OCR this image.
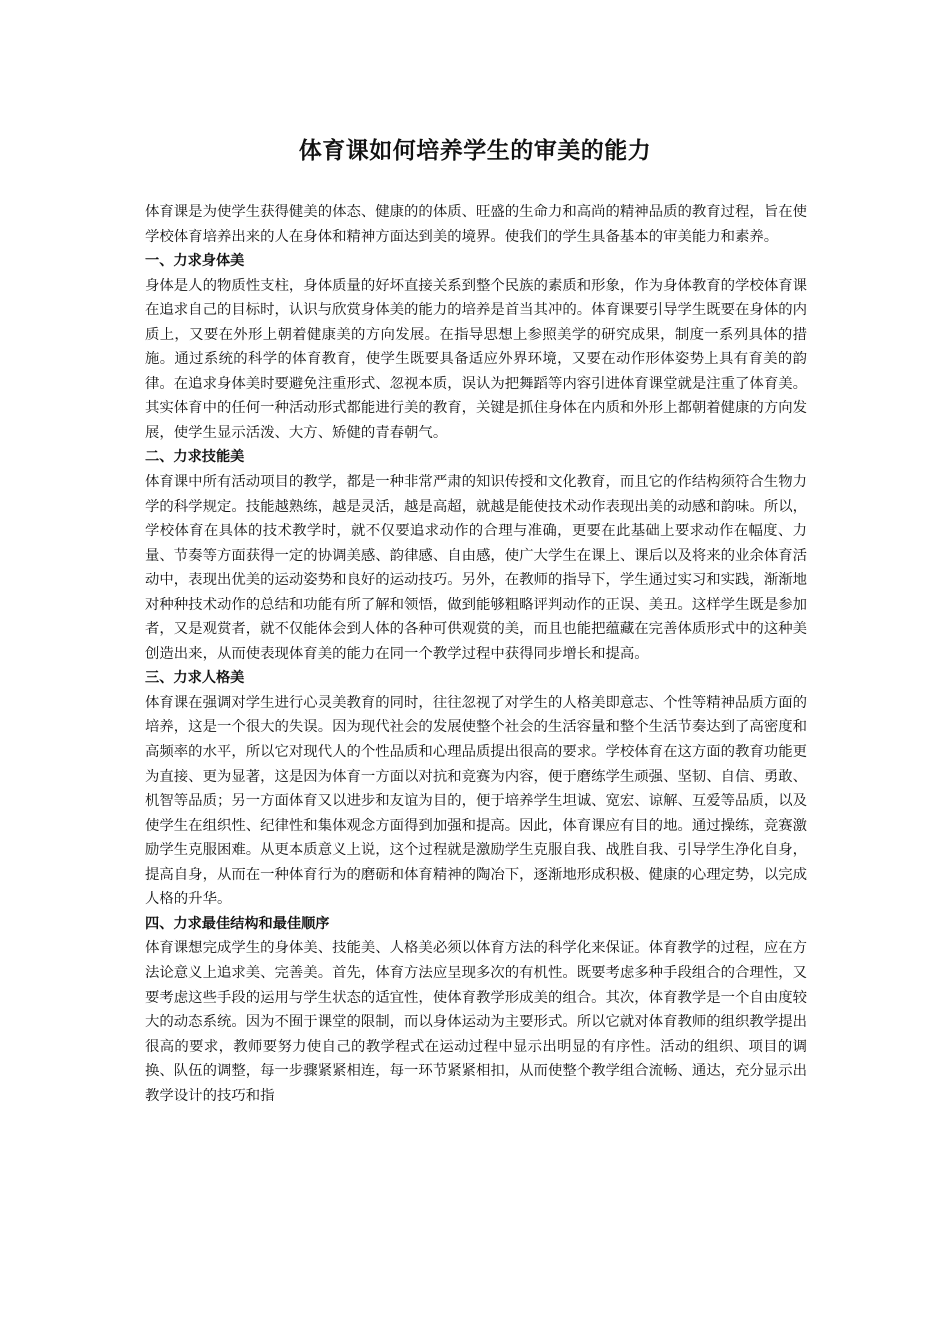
体育课如何培养学生的审美的能力

体育课是为使学生获得健美的体态、健康的的体质、旺盛的生命力和高尚的精神品质的教育过程，旨在使学校体育培养出来的人在身体和精神方面达到美的境界。使我们的学生具备基本的审美能力和素养。

一、力求身体美

身体是人的物质性支柱，身体质量的好坏直接关系到整个民族的素质和形象，作为身体教育的学校体育课在追求自己的目标时，认识与欣赏身体美的能力的培养是首当其冲的。体育课要引导学生既要在身体的内质上，又要在外形上朝着健康美的方向发展。在指导思想上参照美学的研究成果，制度一系列具体的措施。通过系统的科学的体育教育，使学生既要具备适应外界环境，又要在动作形体姿势上具有育美的韵律。在追求身体美时要避免注重形式、忽视本质，误认为把舞蹈等内容引进体育课堂就是注重了体育美。其实体育中的任何一种活动形式都能进行美的教育，关键是抓住身体在内质和外形上都朝着健康的方向发展，使学生显示活泼、大方、矫健的青春朝气。

二、力求技能美

体育课中所有活动项目的教学，都是一种非常严肃的知识传授和文化教育，而且它的作结构须符合生物力学的科学规定。技能越熟练，越是灵活，越是高超，就越是能使技术动作表现出美的动感和韵味。所以，学校体育在具体的技术教学时，就不仅要追求动作的合理与准确，更要在此基础上要求动作在幅度、力量、节奏等方面获得一定的协调美感、韵律感、自由感，使广大学生在课上、课后以及将来的业余体育活动中，表现出优美的运动姿势和良好的运动技巧。另外，在教师的指导下，学生通过实习和实践，渐渐地对种种技术动作的总结和功能有所了解和领悟，做到能够粗略评判动作的正误、美丑。这样学生既是参加者，又是观赏者，就不仅能体会到人体的各种可供观赏的美，而且也能把蕴藏在完善体质形式中的这种美创造出来，从而使表现体育美的能力在同一个教学过程中获得同步增长和提高。

三、力求人格美

体育课在强调对学生进行心灵美教育的同时，往往忽视了对学生的人格美即意志、个性等精神品质方面的培养，这是一个很大的失误。因为现代社会的发展使整个社会的生活容量和整个生活节奏达到了高密度和高频率的水平，所以它对现代人的个性品质和心理品质提出很高的要求。学校体育在这方面的教育功能更为直接、更为显著，这是因为体育一方面以对抗和竞赛为内容，便于磨练学生顽强、坚韧、自信、勇敢、机智等品质；另一方面体育又以进步和友谊为目的，便于培养学生坦诚、宽宏、谅解、互爱等品质，以及使学生在组织性、纪律性和集体观念方面得到加强和提高。因此，体育课应有目的地。通过操练，竞赛激励学生克服困难。从更本质意义上说，这个过程就是激励学生克服自我、战胜自我、引导学生净化自身，提高自身，从而在一种体育行为的磨砺和体育精神的陶冶下，逐渐地形成积极、健康的心理定势，以完成人格的升华。

四、力求最佳结构和最佳顺序

体育课想完成学生的身体美、技能美、人格美必须以体育方法的科学化来保证。体育教学的过程，应在方法论意义上追求美、完善美。首先，体育方法应呈现多次的有机性。既要考虑多种手段组合的合理性，又要考虑这些手段的运用与学生状态的适宜性，使体育教学形成美的组合。其次，体育教学是一个自由度较大的动态系统。因为不囿于课堂的限制，而以身体运动为主要形式。所以它就对体育教师的组织教学提出很高的要求，教师要努力使自己的教学程式在运动过程中显示出明显的有序性。活动的组织、项目的调换、队伍的调整，每一步骤紧紧相连，每一环节紧紧相扣，从而使整个教学组合流畅、通达，充分显示出教学设计的技巧和指
